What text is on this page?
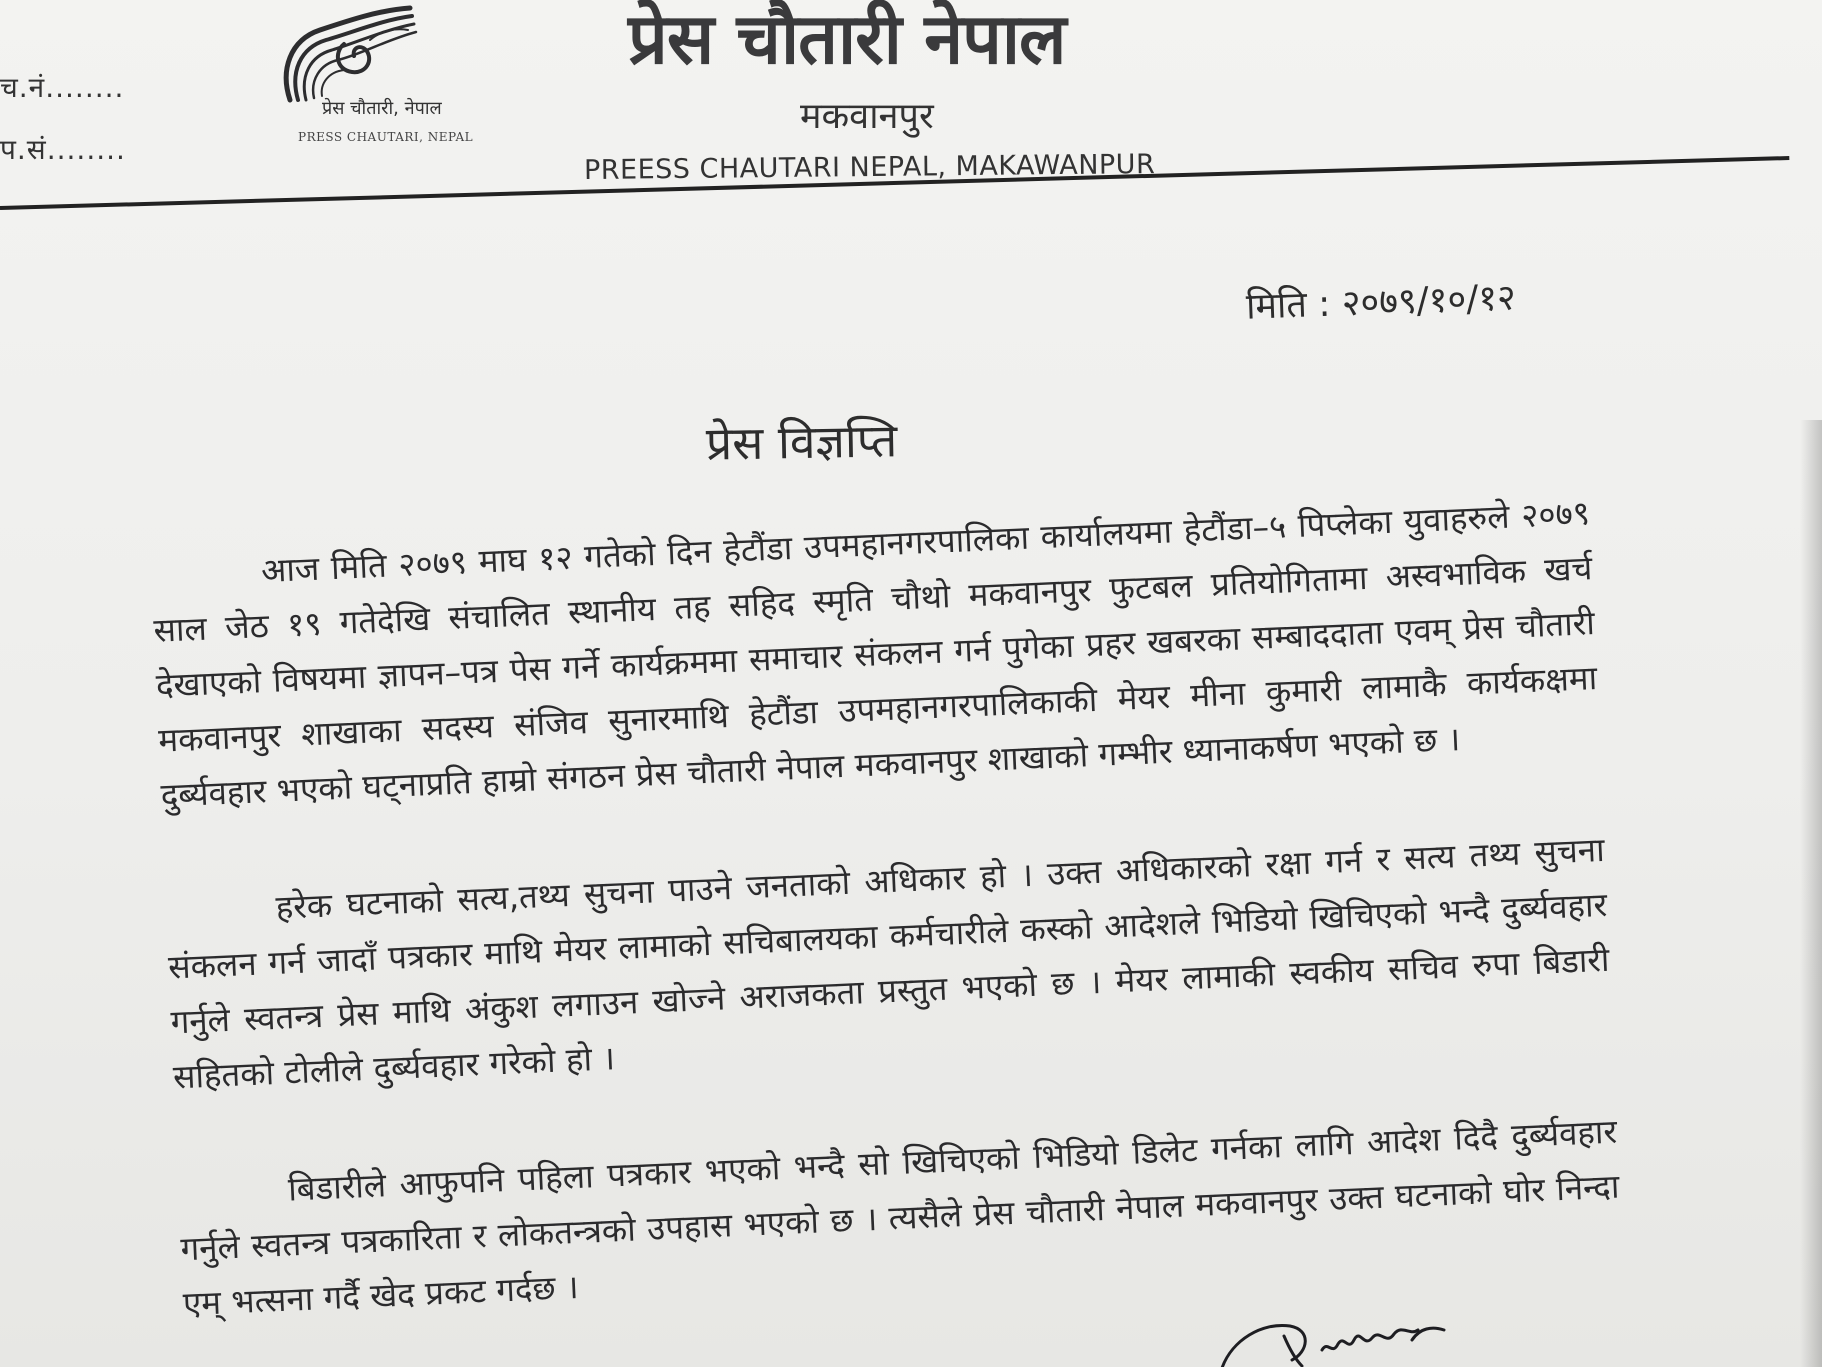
च.नं........
प.सं........
प्रेस चौतारी, नेपाल
PRESS CHAUTARI, NEPAL
प्रेस चौतारी नेपाल
मकवानपुर
PREESS CHAUTARI NEPAL, MAKAWANPUR
मिति : २०७९/१०/१२
प्रेस विज्ञप्ति

आज मिति २०७९ माघ १२ गतेको दिन हेटौंडा उपमहानगरपालिका कार्यालयमा हेटौंडा–५ पिप्लेका युवाहरुले २०७९ साल जेठ १९ गतेदेखि संचालित स्थानीय तह सहिद स्मृति चौथो मकवानपुर फुटबल प्रतियोगितामा अस्वभाविक खर्च देखाएको विषयमा ज्ञापन–पत्र पेस गर्ने कार्यक्रममा समाचार संकलन गर्न पुगेका प्रहर खबरका सम्बाददाता एवम् प्रेस चौतारी मकवानपुर शाखाका सदस्य संजिव सुनारमाथि हेटौंडा उपमहानगरपालिकाकी मेयर मीना कुमारी लामाकै कार्यकक्षमा दुर्ब्यवहार भएको घट्नाप्रति हाम्रो संगठन प्रेस चौतारी नेपाल मकवानपुर शाखाको गम्भीर ध्यानाकर्षण भएको छ ।

हरेक घटनाको सत्य,तथ्य सुचना पाउने जनताको अधिकार हो । उक्त अधिकारको रक्षा गर्न र सत्य तथ्य सुचना संकलन गर्न जादाँ पत्रकार माथि मेयर लामाको सचिबालयका कर्मचारीले कस्को आदेशले भिडियो खिचिएको भन्दै दुर्ब्यवहार गर्नुले स्वतन्त्र प्रेस माथि अंकुश लगाउन खोज्ने अराजकता प्रस्तुत भएको छ । मेयर लामाकी स्वकीय सचिव रुपा बिडारी सहितको टोलीले दुर्ब्यवहार गरेको हो ।

बिडारीले आफुपनि पहिला पत्रकार भएको भन्दै सो खिचिएको भिडियो डिलेट गर्नका लागि आदेश दिदै दुर्ब्यवहार गर्नुले स्वतन्त्र पत्रकारिता र लोकतन्त्रको उपहास भएको छ । त्यसैले प्रेस चौतारी नेपाल मकवानपुर उक्त घटनाको घोर निन्दा एम् भत्सना गर्दै खेद प्रकट गर्दछ ।
